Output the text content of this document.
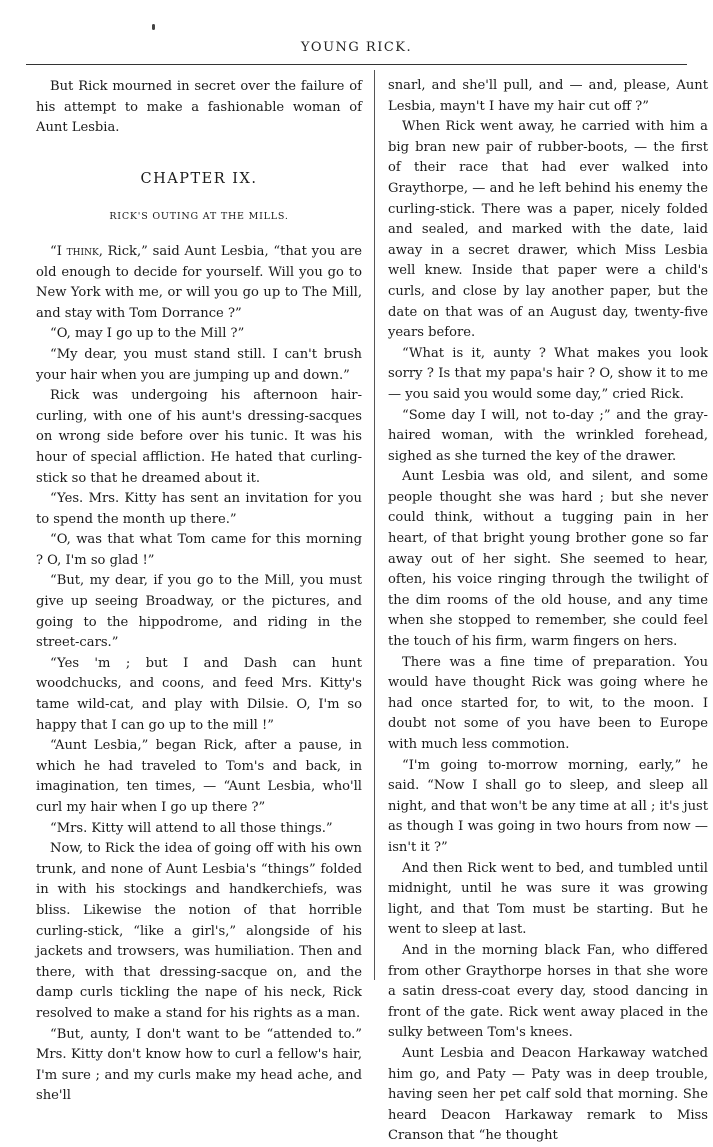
YOUNG RICK.

But Rick mourned in secret over the failure of his attempt to make a fashionable woman of Aunt Lesbia.

CHAPTER IX.
RICK'S OUTING AT THE MILLS.

“I think, Rick,” said Aunt Lesbia, “that you are old enough to decide for yourself. Will you go to New York with me, or will you go up to The Mill, and stay with Tom Dorrance ?”

“O, may I go up to the Mill ?”

“My dear, you must stand still. I can't brush your hair when you are jumping up and down.”

Rick was undergoing his afternoon hair-curling, with one of his aunt's dressing-sacques on wrong side before over his tunic. It was his hour of special affliction. He hated that curling-stick so that he dreamed about it.

“Yes. Mrs. Kitty has sent an invitation for you to spend the month up there.”

“O, was that what Tom came for this morning ? O, I'm so glad !”

“But, my dear, if you go to the Mill, you must give up seeing Broadway, or the pictures, and going to the hippodrome, and riding in the street-cars.”

“Yes 'm ; but I and Dash can hunt woodchucks, and coons, and feed Mrs. Kitty's tame wild-cat, and play with Dilsie. O, I'm so happy that I can go up to the mill !”

“Aunt Lesbia,” began Rick, after a pause, in which he had traveled to Tom's and back, in imagination, ten times, — “Aunt Lesbia, who'll curl my hair when I go up there ?”

“Mrs. Kitty will attend to all those things.”

Now, to Rick the idea of going off with his own trunk, and none of Aunt Lesbia's “things” folded in with his stockings and handkerchiefs, was bliss. Likewise the notion of that horrible curling-stick, “like a girl's,” alongside of his jackets and trowsers, was humiliation. Then and there, with that dressing-sacque on, and the damp curls tickling the nape of his neck, Rick resolved to make a stand for his rights as a man.

“But, aunty, I don't want to be “attended to.” Mrs. Kitty don't know how to curl a fellow's hair, I'm sure ; and my curls make my head ache, and she'll

snarl, and she'll pull, and — and, please, Aunt Lesbia, mayn't I have my hair cut off ?”

When Rick went away, he carried with him a big bran new pair of rubber-boots, — the first of their race that had ever walked into Graythorpe, — and he left behind his enemy the curling-stick. There was a paper, nicely folded and sealed, and marked with the date, laid away in a secret drawer, which Miss Lesbia well knew. Inside that paper were a child's curls, and close by lay another paper, but the date on that was of an August day, twenty-five years before.

“What is it, aunty ? What makes you look sorry ? Is that my papa's hair ? O, show it to me — you said you would some day,” cried Rick.

“Some day I will, not to-day ;” and the gray-haired woman, with the wrinkled forehead, sighed as she turned the key of the drawer.

Aunt Lesbia was old, and silent, and some people thought she was hard ; but she never could think, without a tugging pain in her heart, of that bright young brother gone so far away out of her sight. She seemed to hear, often, his voice ringing through the twilight of the dim rooms of the old house, and any time when she stopped to remember, she could feel the touch of his firm, warm fingers on hers.

There was a fine time of preparation. You would have thought Rick was going where he had once started for, to wit, to the moon. I doubt not some of you have been to Europe with much less commotion.

“I'm going to-morrow morning, early,” he said. “Now I shall go to sleep, and sleep all night, and that won't be any time at all ; it's just as though I was going in two hours from now — isn't it ?”

And then Rick went to bed, and tumbled until midnight, until he was sure it was growing light, and that Tom must be starting. But he went to sleep at last.

And in the morning black Fan, who differed from other Graythorpe horses in that she wore a satin dress-coat every day, stood dancing in front of the gate. Rick went away placed in the sulky between Tom's knees.

Aunt Lesbia and Deacon Harkaway watched him go, and Paty — Paty was in deep trouble, having seen her pet calf sold that morning. She heard Deacon Harkaway remark to Miss Cranson that “he thought
